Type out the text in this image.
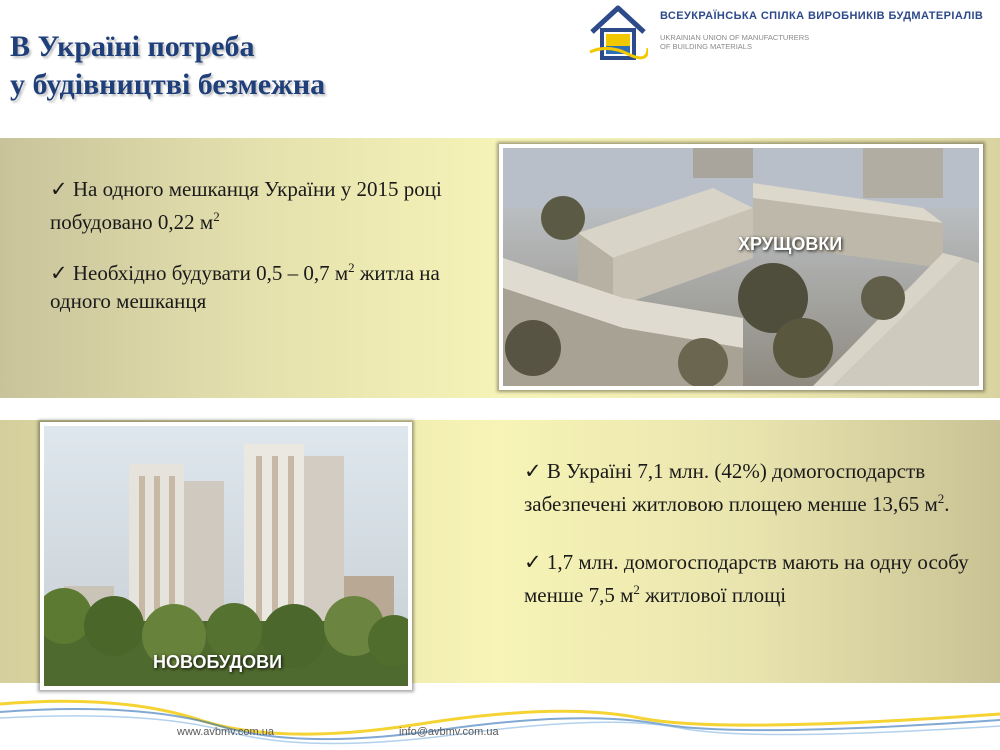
В Україні потреба
у будівництві безмежна
ВСЕУКРАЇНСЬКА СПІЛКА ВИРОБНИКІВ БУДМАТЕРІАЛІВ
UKRAINIAN UNION OF MANUFACTURERS OF BUILDING MATERIALS

✓ На одного мешканця України у 2015 році побудовано 0,22 $м^2$

✓ Необхідно будувати 0,5 – 0,7 $м^2$ житла на одного мешканця

ХРУЩОВКИ
НОВОБУДОВИ

✓ В Україні 7,1 млн. (42%) домогосподарств забезпечені житловою площею менше 13,65 $м^2$.

✓ 1,7 млн. домогосподарств мають на одну особу менше 7,5 $м^2$ житлової площі

www.avbmv.com.ua	info@avbmv.com.ua
